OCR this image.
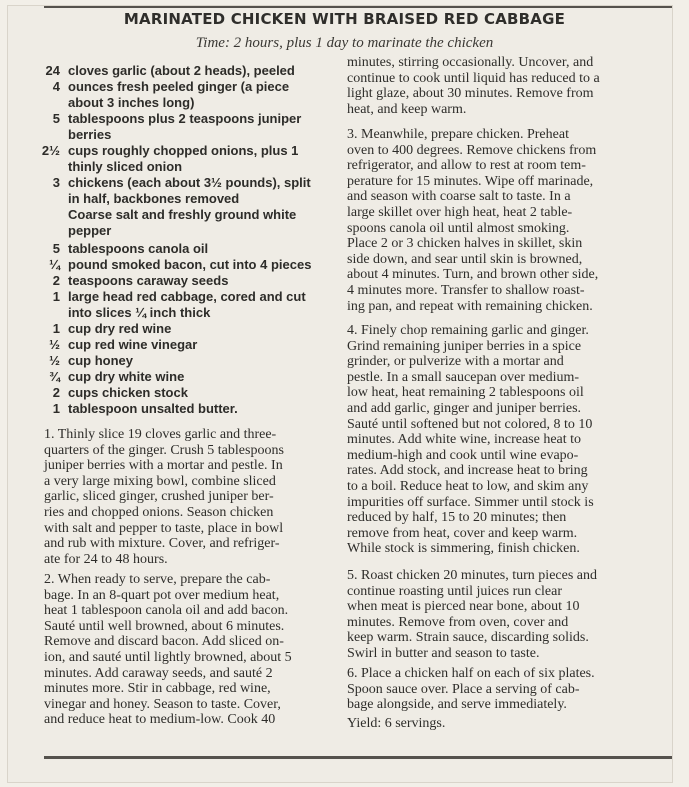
MARINATED CHICKEN WITH BRAISED RED CABBAGE
Time: 2 hours, plus 1 day to marinate the chicken
24 cloves garlic (about 2 heads), peeled
4 ounces fresh peeled ginger (a piece
about 3 inches long)
5 tablespoons plus 2 teaspoons juniper
berries
2½ cups roughly chopped onions, plus 1
thinly sliced onion
3 chickens (each about 3½ pounds), split
in half, backbones removed
Coarse salt and freshly ground white
pepper
5 tablespoons canola oil
¼ pound smoked bacon, cut into 4 pieces
2 teaspoons caraway seeds
1 large head red cabbage, cored and cut
into slices ¼ inch thick
1 cup dry red wine
½ cup red wine vinegar
½ cup honey
¾ cup dry white wine
2 cups chicken stock
1 tablespoon unsalted butter.
1. Thinly slice 19 cloves garlic and three-
quarters of the ginger. Crush 5 tablespoons
juniper berries with a mortar and pestle. In
a very large mixing bowl, combine sliced
garlic, sliced ginger, crushed juniper ber-
ries and chopped onions. Season chicken
with salt and pepper to taste, place in bowl
and rub with mixture. Cover, and refriger-
ate for 24 to 48 hours.
2. When ready to serve, prepare the cab-
bage. In an 8-quart pot over medium heat,
heat 1 tablespoon canola oil and add bacon.
Sauté until well browned, about 6 minutes.
Remove and discard bacon. Add sliced on-
ion, and sauté until lightly browned, about 5
minutes. Add caraway seeds, and sauté 2
minutes more. Stir in cabbage, red wine,
vinegar and honey. Season to taste. Cover,
and reduce heat to medium-low. Cook 40
minutes, stirring occasionally. Uncover, and
continue to cook until liquid has reduced to a
light glaze, about 30 minutes. Remove from
heat, and keep warm.
3. Meanwhile, prepare chicken. Preheat
oven to 400 degrees. Remove chickens from
refrigerator, and allow to rest at room tem-
perature for 15 minutes. Wipe off marinade,
and season with coarse salt to taste. In a
large skillet over high heat, heat 2 table-
spoons canola oil until almost smoking.
Place 2 or 3 chicken halves in skillet, skin
side down, and sear until skin is browned,
about 4 minutes. Turn, and brown other side,
4 minutes more. Transfer to shallow roast-
ing pan, and repeat with remaining chicken.
4. Finely chop remaining garlic and ginger.
Grind remaining juniper berries in a spice
grinder, or pulverize with a mortar and
pestle. In a small saucepan over medium-
low heat, heat remaining 2 tablespoons oil
and add garlic, ginger and juniper berries.
Sauté until softened but not colored, 8 to 10
minutes. Add white wine, increase heat to
medium-high and cook until wine evapo-
rates. Add stock, and increase heat to bring
to a boil. Reduce heat to low, and skim any
impurities off surface. Simmer until stock is
reduced by half, 15 to 20 minutes; then
remove from heat, cover and keep warm.
While stock is simmering, finish chicken.
5. Roast chicken 20 minutes, turn pieces and
continue roasting until juices run clear
when meat is pierced near bone, about 10
minutes. Remove from oven, cover and
keep warm. Strain sauce, discarding solids.
Swirl in butter and season to taste.
6. Place a chicken half on each of six plates.
Spoon sauce over. Place a serving of cab-
bage alongside, and serve immediately.
Yield: 6 servings.
